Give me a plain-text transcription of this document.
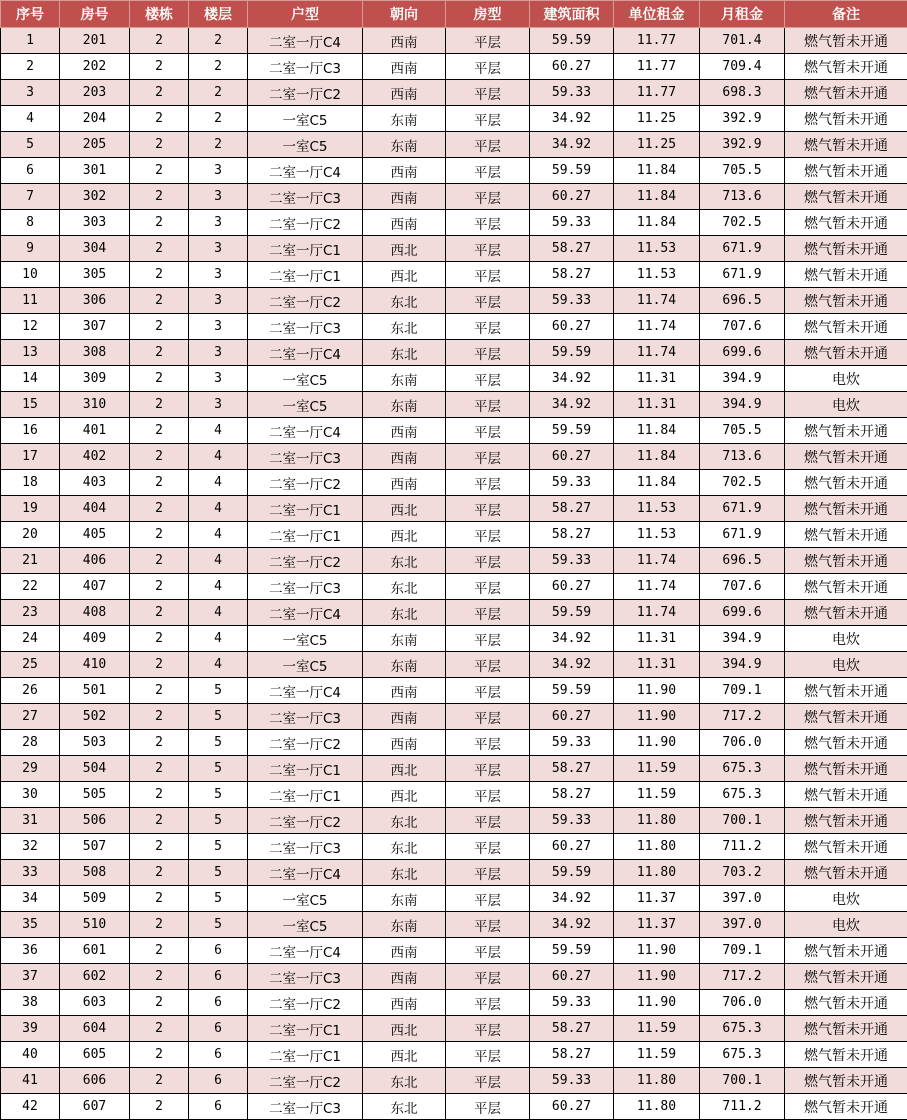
序号	房号	楼栋	楼层	户型	朝向	房型	建筑面积	单位租金	月租金	备注
1	201	2	2	二室一厅C4	西南	平层	59.59	11.77	701.4	燃气暂未开通
2	202	2	2	二室一厅C3	西南	平层	60.27	11.77	709.4	燃气暂未开通
3	203	2	2	二室一厅C2	西南	平层	59.33	11.77	698.3	燃气暂未开通
4	204	2	2	一室C5	东南	平层	34.92	11.25	392.9	燃气暂未开通
5	205	2	2	一室C5	东南	平层	34.92	11.25	392.9	燃气暂未开通
6	301	2	3	二室一厅C4	西南	平层	59.59	11.84	705.5	燃气暂未开通
7	302	2	3	二室一厅C3	西南	平层	60.27	11.84	713.6	燃气暂未开通
8	303	2	3	二室一厅C2	西南	平层	59.33	11.84	702.5	燃气暂未开通
9	304	2	3	二室一厅C1	西北	平层	58.27	11.53	671.9	燃气暂未开通
10	305	2	3	二室一厅C1	西北	平层	58.27	11.53	671.9	燃气暂未开通
11	306	2	3	二室一厅C2	东北	平层	59.33	11.74	696.5	燃气暂未开通
12	307	2	3	二室一厅C3	东北	平层	60.27	11.74	707.6	燃气暂未开通
13	308	2	3	二室一厅C4	东北	平层	59.59	11.74	699.6	燃气暂未开通
14	309	2	3	一室C5	东南	平层	34.92	11.31	394.9	电炊
15	310	2	3	一室C5	东南	平层	34.92	11.31	394.9	电炊
16	401	2	4	二室一厅C4	西南	平层	59.59	11.84	705.5	燃气暂未开通
17	402	2	4	二室一厅C3	西南	平层	60.27	11.84	713.6	燃气暂未开通
18	403	2	4	二室一厅C2	西南	平层	59.33	11.84	702.5	燃气暂未开通
19	404	2	4	二室一厅C1	西北	平层	58.27	11.53	671.9	燃气暂未开通
20	405	2	4	二室一厅C1	西北	平层	58.27	11.53	671.9	燃气暂未开通
21	406	2	4	二室一厅C2	东北	平层	59.33	11.74	696.5	燃气暂未开通
22	407	2	4	二室一厅C3	东北	平层	60.27	11.74	707.6	燃气暂未开通
23	408	2	4	二室一厅C4	东北	平层	59.59	11.74	699.6	燃气暂未开通
24	409	2	4	一室C5	东南	平层	34.92	11.31	394.9	电炊
25	410	2	4	一室C5	东南	平层	34.92	11.31	394.9	电炊
26	501	2	5	二室一厅C4	西南	平层	59.59	11.90	709.1	燃气暂未开通
27	502	2	5	二室一厅C3	西南	平层	60.27	11.90	717.2	燃气暂未开通
28	503	2	5	二室一厅C2	西南	平层	59.33	11.90	706.0	燃气暂未开通
29	504	2	5	二室一厅C1	西北	平层	58.27	11.59	675.3	燃气暂未开通
30	505	2	5	二室一厅C1	西北	平层	58.27	11.59	675.3	燃气暂未开通
31	506	2	5	二室一厅C2	东北	平层	59.33	11.80	700.1	燃气暂未开通
32	507	2	5	二室一厅C3	东北	平层	60.27	11.80	711.2	燃气暂未开通
33	508	2	5	二室一厅C4	东北	平层	59.59	11.80	703.2	燃气暂未开通
34	509	2	5	一室C5	东南	平层	34.92	11.37	397.0	电炊
35	510	2	5	一室C5	东南	平层	34.92	11.37	397.0	电炊
36	601	2	6	二室一厅C4	西南	平层	59.59	11.90	709.1	燃气暂未开通
37	602	2	6	二室一厅C3	西南	平层	60.27	11.90	717.2	燃气暂未开通
38	603	2	6	二室一厅C2	西南	平层	59.33	11.90	706.0	燃气暂未开通
39	604	2	6	二室一厅C1	西北	平层	58.27	11.59	675.3	燃气暂未开通
40	605	2	6	二室一厅C1	西北	平层	58.27	11.59	675.3	燃气暂未开通
41	606	2	6	二室一厅C2	东北	平层	59.33	11.80	700.1	燃气暂未开通
42	607	2	6	二室一厅C3	东北	平层	60.27	11.80	711.2	燃气暂未开通
